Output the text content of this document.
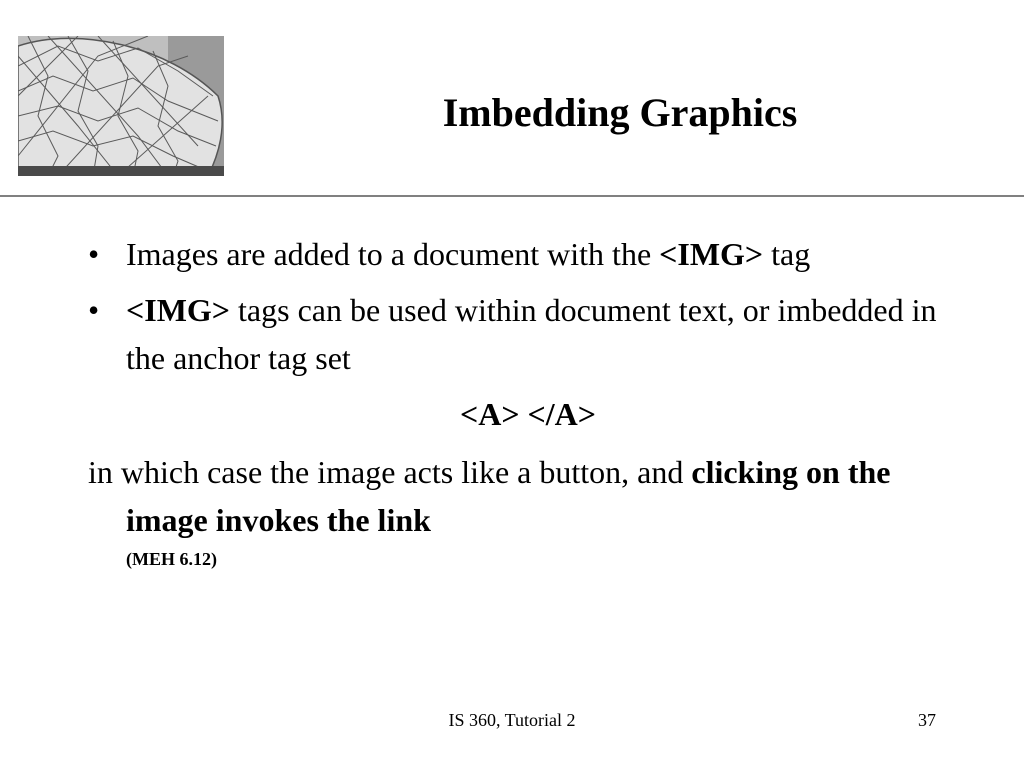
Imbedding Graphics
• Images are added to a document with the <IMG> tag
• <IMG> tags can be used within document text, or imbedded in the anchor tag set
<A> </A>
in which case the image acts like a button, and clicking on the image invokes the link
(MEH 6.12)
IS 360, Tutorial 2	37
